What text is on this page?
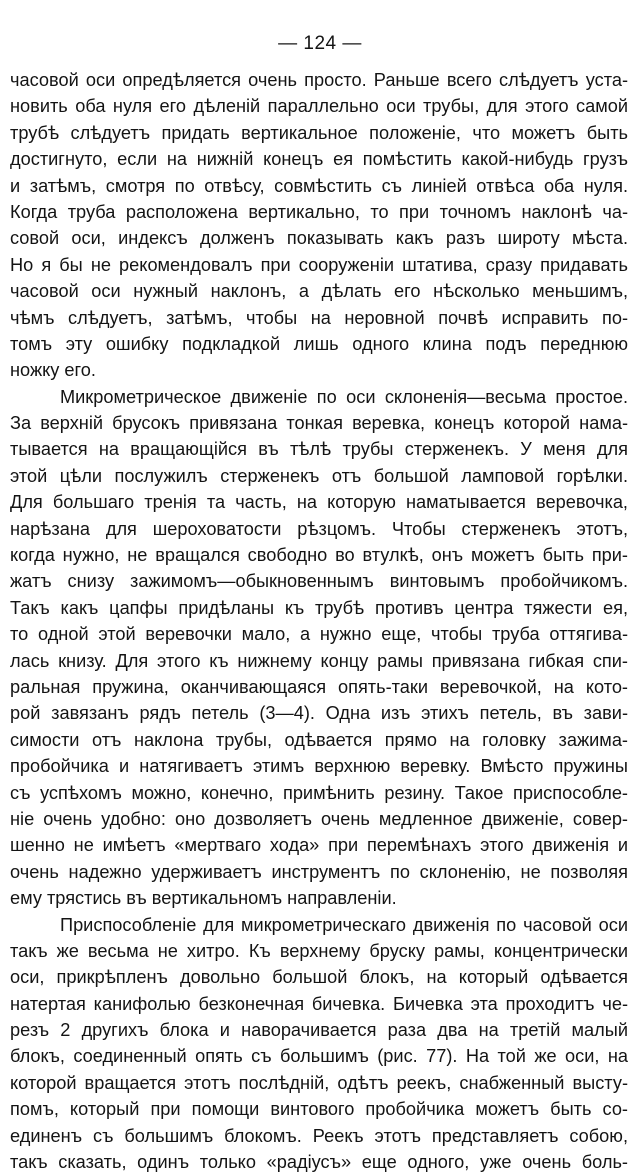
— 124 —
часовой оси опредѣляется очень просто. Раньше всего слѣдуетъ уста-
новить оба нуля его дѣленій параллельно оси трубы, для этого самой
трубѣ слѣдуетъ придать вертикальное положеніе, что можетъ быть
достигнуто, если на нижній конецъ ея помѣстить какой-нибудь грузъ
и затѣмъ, смотря по отвѣсу, совмѣстить съ линіей отвѣса оба нуля.
Когда труба расположена вертикально, то при точномъ наклонѣ ча-
совой оси, индексъ долженъ показывать какъ разъ широту мѣста.
Но я бы не рекомендовалъ при сооруженіи штатива, сразу придавать
часовой оси нужный наклонъ, а дѣлать его нѣсколько меньшимъ,
чѣмъ слѣдуетъ, затѣмъ, чтобы на неровной почвѣ исправить по-
томъ эту ошибку подкладкой лишь одного клина подъ переднюю
ножку его.
Микрометрическое движеніе по оси склоненія—весьма простое.
За верхній брусокъ привязана тонкая веревка, конецъ которой нама-
тывается на вращающійся въ тѣлѣ трубы стерженекъ. У меня для
этой цѣли послужилъ стерженекъ отъ большой ламповой горѣлки.
Для большаго тренія та часть, на которую наматывается веревочка,
нарѣзана для шероховатости рѣзцомъ. Чтобы стерженекъ этотъ,
когда нужно, не вращался свободно во втулкѣ, онъ можетъ быть при-
жатъ снизу зажимомъ—обыкновеннымъ винтовымъ пробойчикомъ.
Такъ какъ цапфы придѣланы къ трубѣ противъ центра тяжести ея,
то одной этой веревочки мало, а нужно еще, чтобы труба оттягива-
лась книзу. Для этого къ нижнему концу рамы привязана гибкая спи-
ральная пружина, оканчивающаяся опять-таки веревочкой, на кото-
рой завязанъ рядъ петель (3—4). Одна изъ этихъ петель, въ зави-
симости отъ наклона трубы, одѣвается прямо на головку зажима-
пробойчика и натягиваетъ этимъ верхнюю веревку. Вмѣсто пружины
съ успѣхомъ можно, конечно, примѣнить резину. Такое приспособле-
ніе очень удобно: оно дозволяетъ очень медленное движеніе, совер-
шенно не имѣетъ «мертваго хода» при перемѣнахъ этого движенія и
очень надежно удерживаетъ инструментъ по склоненію, не позволяя
ему трястись въ вертикальномъ направленіи.
Приспособленіе для микрометрическаго движенія по часовой оси
такъ же весьма не хитро. Къ верхнему бруску рамы, концентрически
оси, прикрѣпленъ довольно большой блокъ, на который одѣвается
натертая канифолью безконечная бичевка. Бичевка эта проходитъ че-
резъ 2 другихъ блока и наворачивается раза два на третій малый
блокъ, соединенный опять съ большимъ (рис. 77). На той же оси, на
которой вращается этотъ послѣдній, одѣтъ реекъ, снабженный высту-
помъ, который при помощи винтового пробойчика можетъ быть со-
единенъ съ большимъ блокомъ. Реекъ этотъ представляетъ собою,
такъ сказать, одинъ только «радіусъ» еще одного, уже очень боль-
